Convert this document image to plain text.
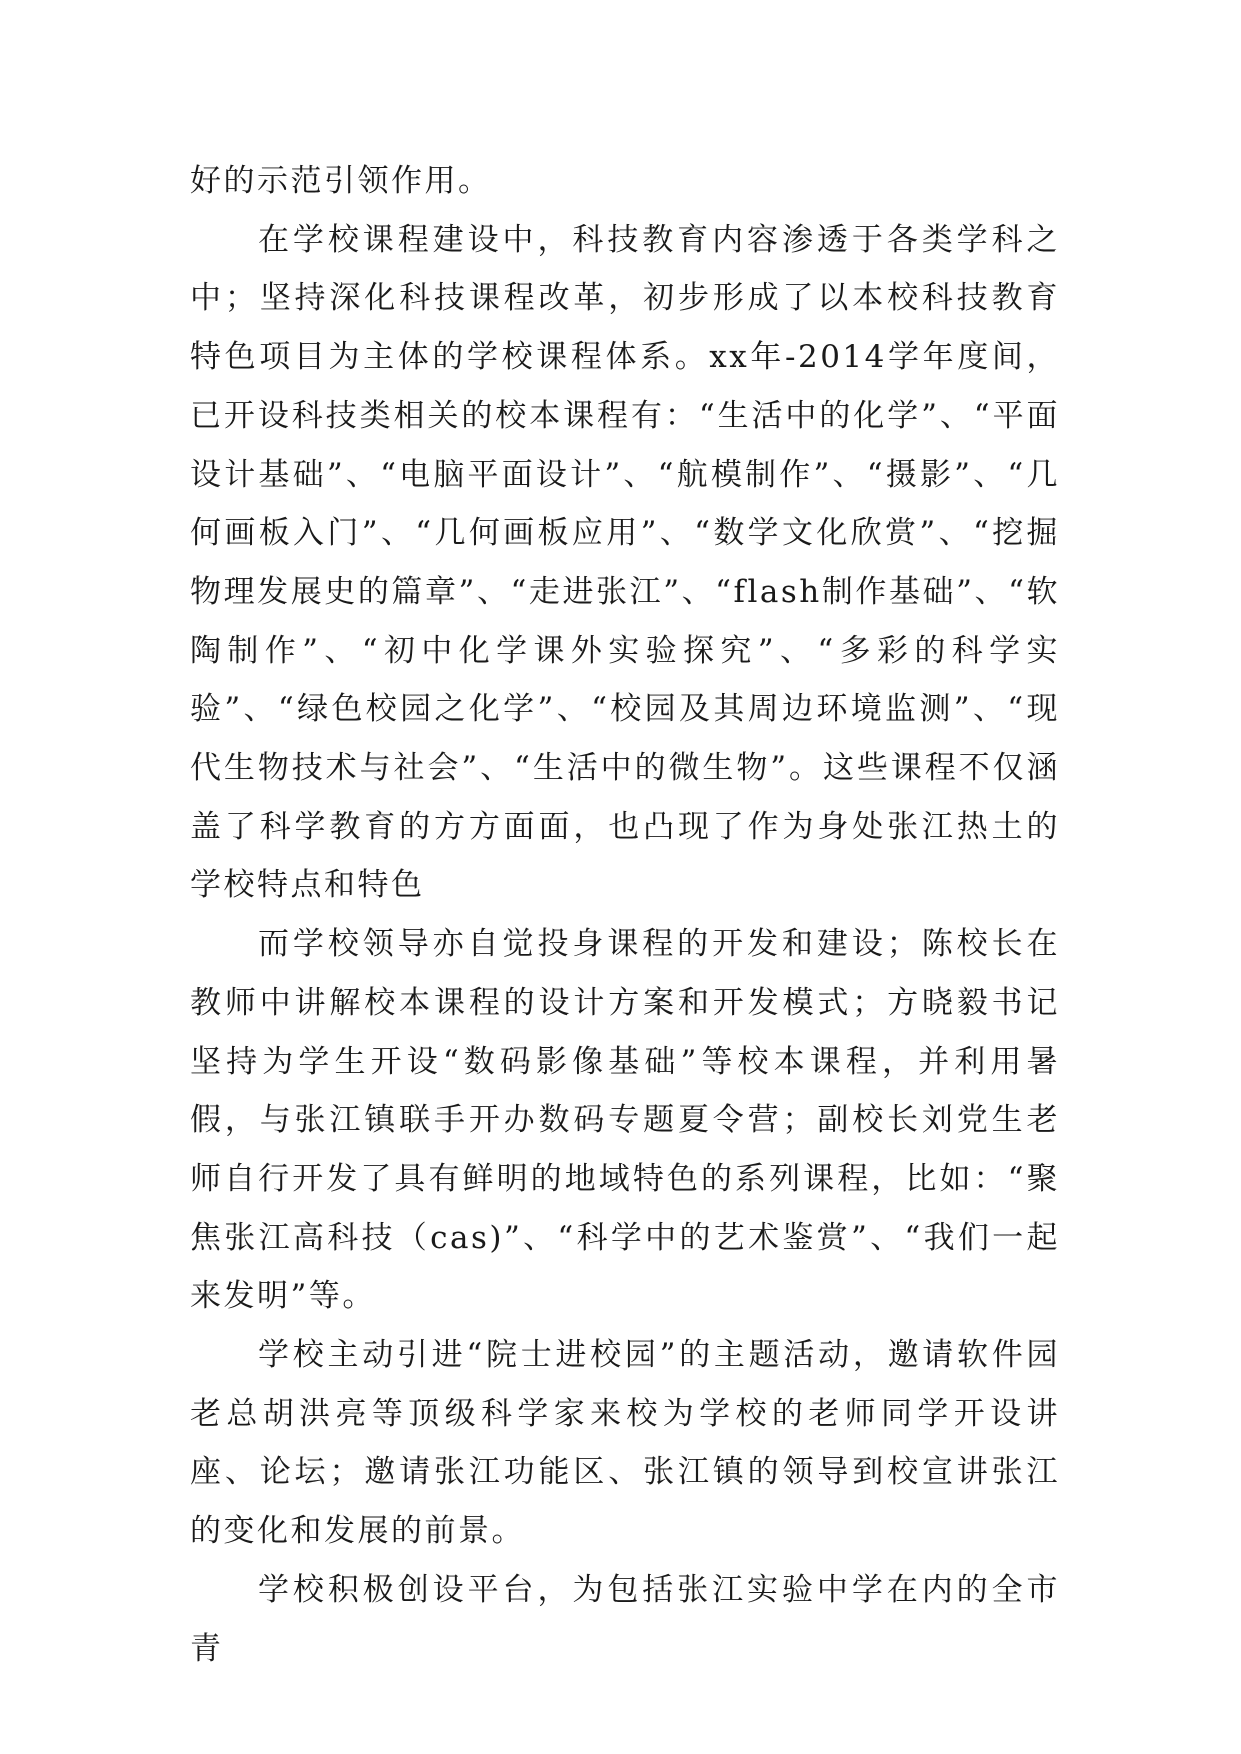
好的示范引领作用。

在学校课程建设中，科技教育内容渗透于各类学科之中；坚持深化科技课程改革，初步形成了以本校科技教育特色项目为主体的学校课程体系。xx年-2014学年度间，已开设科技类相关的校本课程有：“生活中的化学”、“平面设计基础”、“电脑平面设计”、“航模制作”、“摄影”、“几何画板入门”、“几何画板应用”、“数学文化欣赏”、“挖掘物理发展史的篇章”、“走进张江”、“flash制作基础”、“软陶制作”、“初中化学课外实验探究”、“多彩的科学实验”、“绿色校园之化学”、“校园及其周边环境监测”、“现代生物技术与社会”、“生活中的微生物”。这些课程不仅涵盖了科学教育的方方面面，也凸现了作为身处张江热土的学校特点和特色

而学校领导亦自觉投身课程的开发和建设；陈校长在教师中讲解校本课程的设计方案和开发模式；方晓毅书记坚持为学生开设“数码影像基础”等校本课程，并利用暑假，与张江镇联手开办数码专题夏令营；副校长刘党生老师自行开发了具有鲜明的地域特色的系列课程，比如：“聚焦张江高科技（cas)”、“科学中的艺术鉴赏”、“我们一起来发明”等。

学校主动引进“院士进校园”的主题活动，邀请软件园老总胡洪亮等顶级科学家来校为学校的老师同学开设讲座、论坛；邀请张江功能区、张江镇的领导到校宣讲张江的变化和发展的前景。

学校积极创设平台，为包括张江实验中学在内的全市青
